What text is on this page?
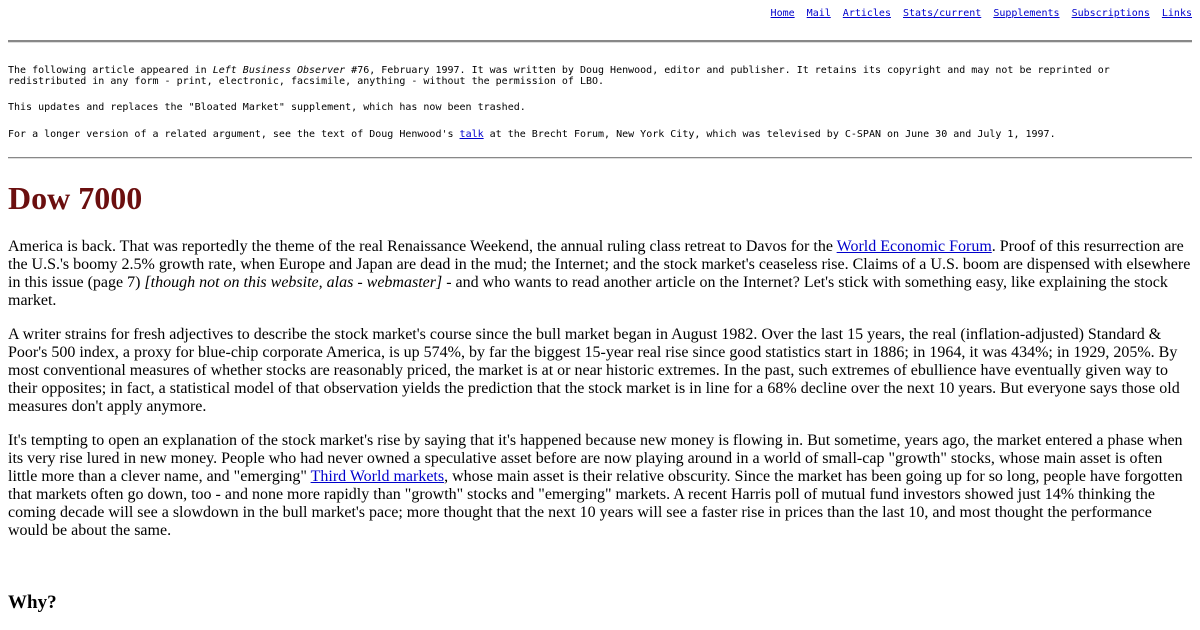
Home Mail Articles Stats/current Supplements Subscriptions Links

The following article appeared in Left Business Observer #76, February 1997. It was written by Doug Henwood, editor and publisher. It retains its copyright and may not be reprinted or redistributed in any form - print, electronic, facsimile, anything - without the permission of LBO.

This updates and replaces the "Bloated Market" supplement, which has now been trashed.

For a longer version of a related argument, see the text of Doug Henwood's talk at the Brecht Forum, New York City, which was televised by C-SPAN on June 30 and July 1, 1997.

Dow 7000

America is back. That was reportedly the theme of the real Renaissance Weekend, the annual ruling class retreat to Davos for the World Economic Forum. Proof of this resurrection are the U.S.'s boomy 2.5% growth rate, when Europe and Japan are dead in the mud; the Internet; and the stock market's ceaseless rise. Claims of a U.S. boom are dispensed with elsewhere in this issue (page 7) [though not on this website, alas - webmaster] - and who wants to read another article on the Internet? Let's stick with something easy, like explaining the stock market.

A writer strains for fresh adjectives to describe the stock market's course since the bull market began in August 1982. Over the last 15 years, the real (inflation-adjusted) Standard & Poor's 500 index, a proxy for blue-chip corporate America, is up 574%, by far the biggest 15-year real rise since good statistics start in 1886; in 1964, it was 434%; in 1929, 205%. By most conventional measures of whether stocks are reasonably priced, the market is at or near historic extremes. In the past, such extremes of ebullience have eventually given way to their opposites; in fact, a statistical model of that observation yields the prediction that the stock market is in line for a 68% decline over the next 10 years. But everyone says those old measures don't apply anymore.

It's tempting to open an explanation of the stock market's rise by saying that it's happened because new money is flowing in. But sometime, years ago, the market entered a phase when its very rise lured in new money. People who had never owned a speculative asset before are now playing around in a world of small-cap "growth" stocks, whose main asset is often little more than a clever name, and "emerging" Third World markets, whose main asset is their relative obscurity. Since the market has been going up for so long, people have forgotten that markets often go down, too - and none more rapidly than "growth" stocks and "emerging" markets. A recent Harris poll of mutual fund investors showed just 14% thinking the coming decade will see a slowdown in the bull market's pace; more thought that the next 10 years will see a faster rise in prices than the last 10, and most thought the performance would be about the same.

Why?
